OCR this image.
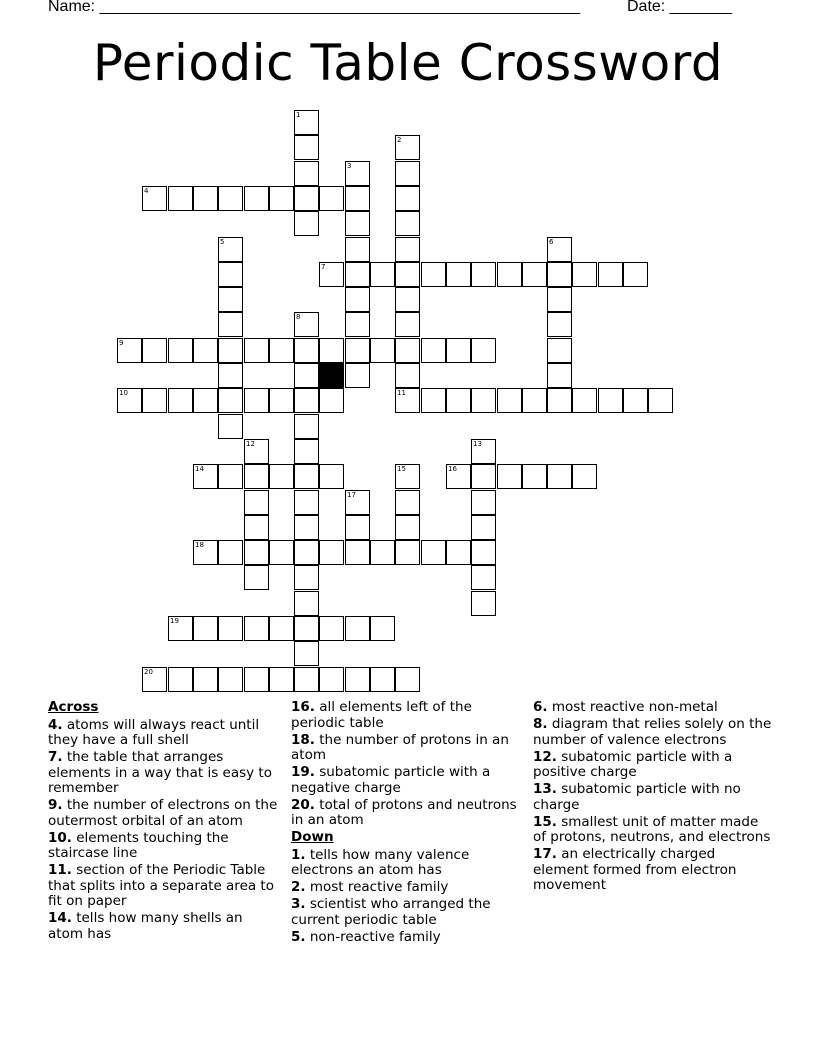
Name: ______________________________________________________	Date: _______
Periodic Table Crossword
1
2
11
3
4
5	6
7
8
9
10
12	13
14	15	16
17
18
19
20
Across
4. atoms will always react until they have a full shell
7. the table that arranges elements in a way that is easy to remember
9. the number of electrons on the outermost orbital of an atom
10. elements touching the staircase line
11. section of the Periodic Table that splits into a separate area to fit on paper
14. tells how many shells an atom has
16. all elements left of the periodic table
18. the number of protons in an atom
19. subatomic particle with a negative charge
20. total of protons and neutrons in an atom
Down
1. tells how many valence electrons an atom has
2. most reactive family
3. scientist who arranged the current periodic table
5. non-reactive family
6. most reactive non-metal
8. diagram that relies solely on the number of valence electrons
12. subatomic particle with a positive charge
13. subatomic particle with no charge
15. smallest unit of matter made of protons, neutrons, and electrons
17. an electrically charged element formed from electron movement
